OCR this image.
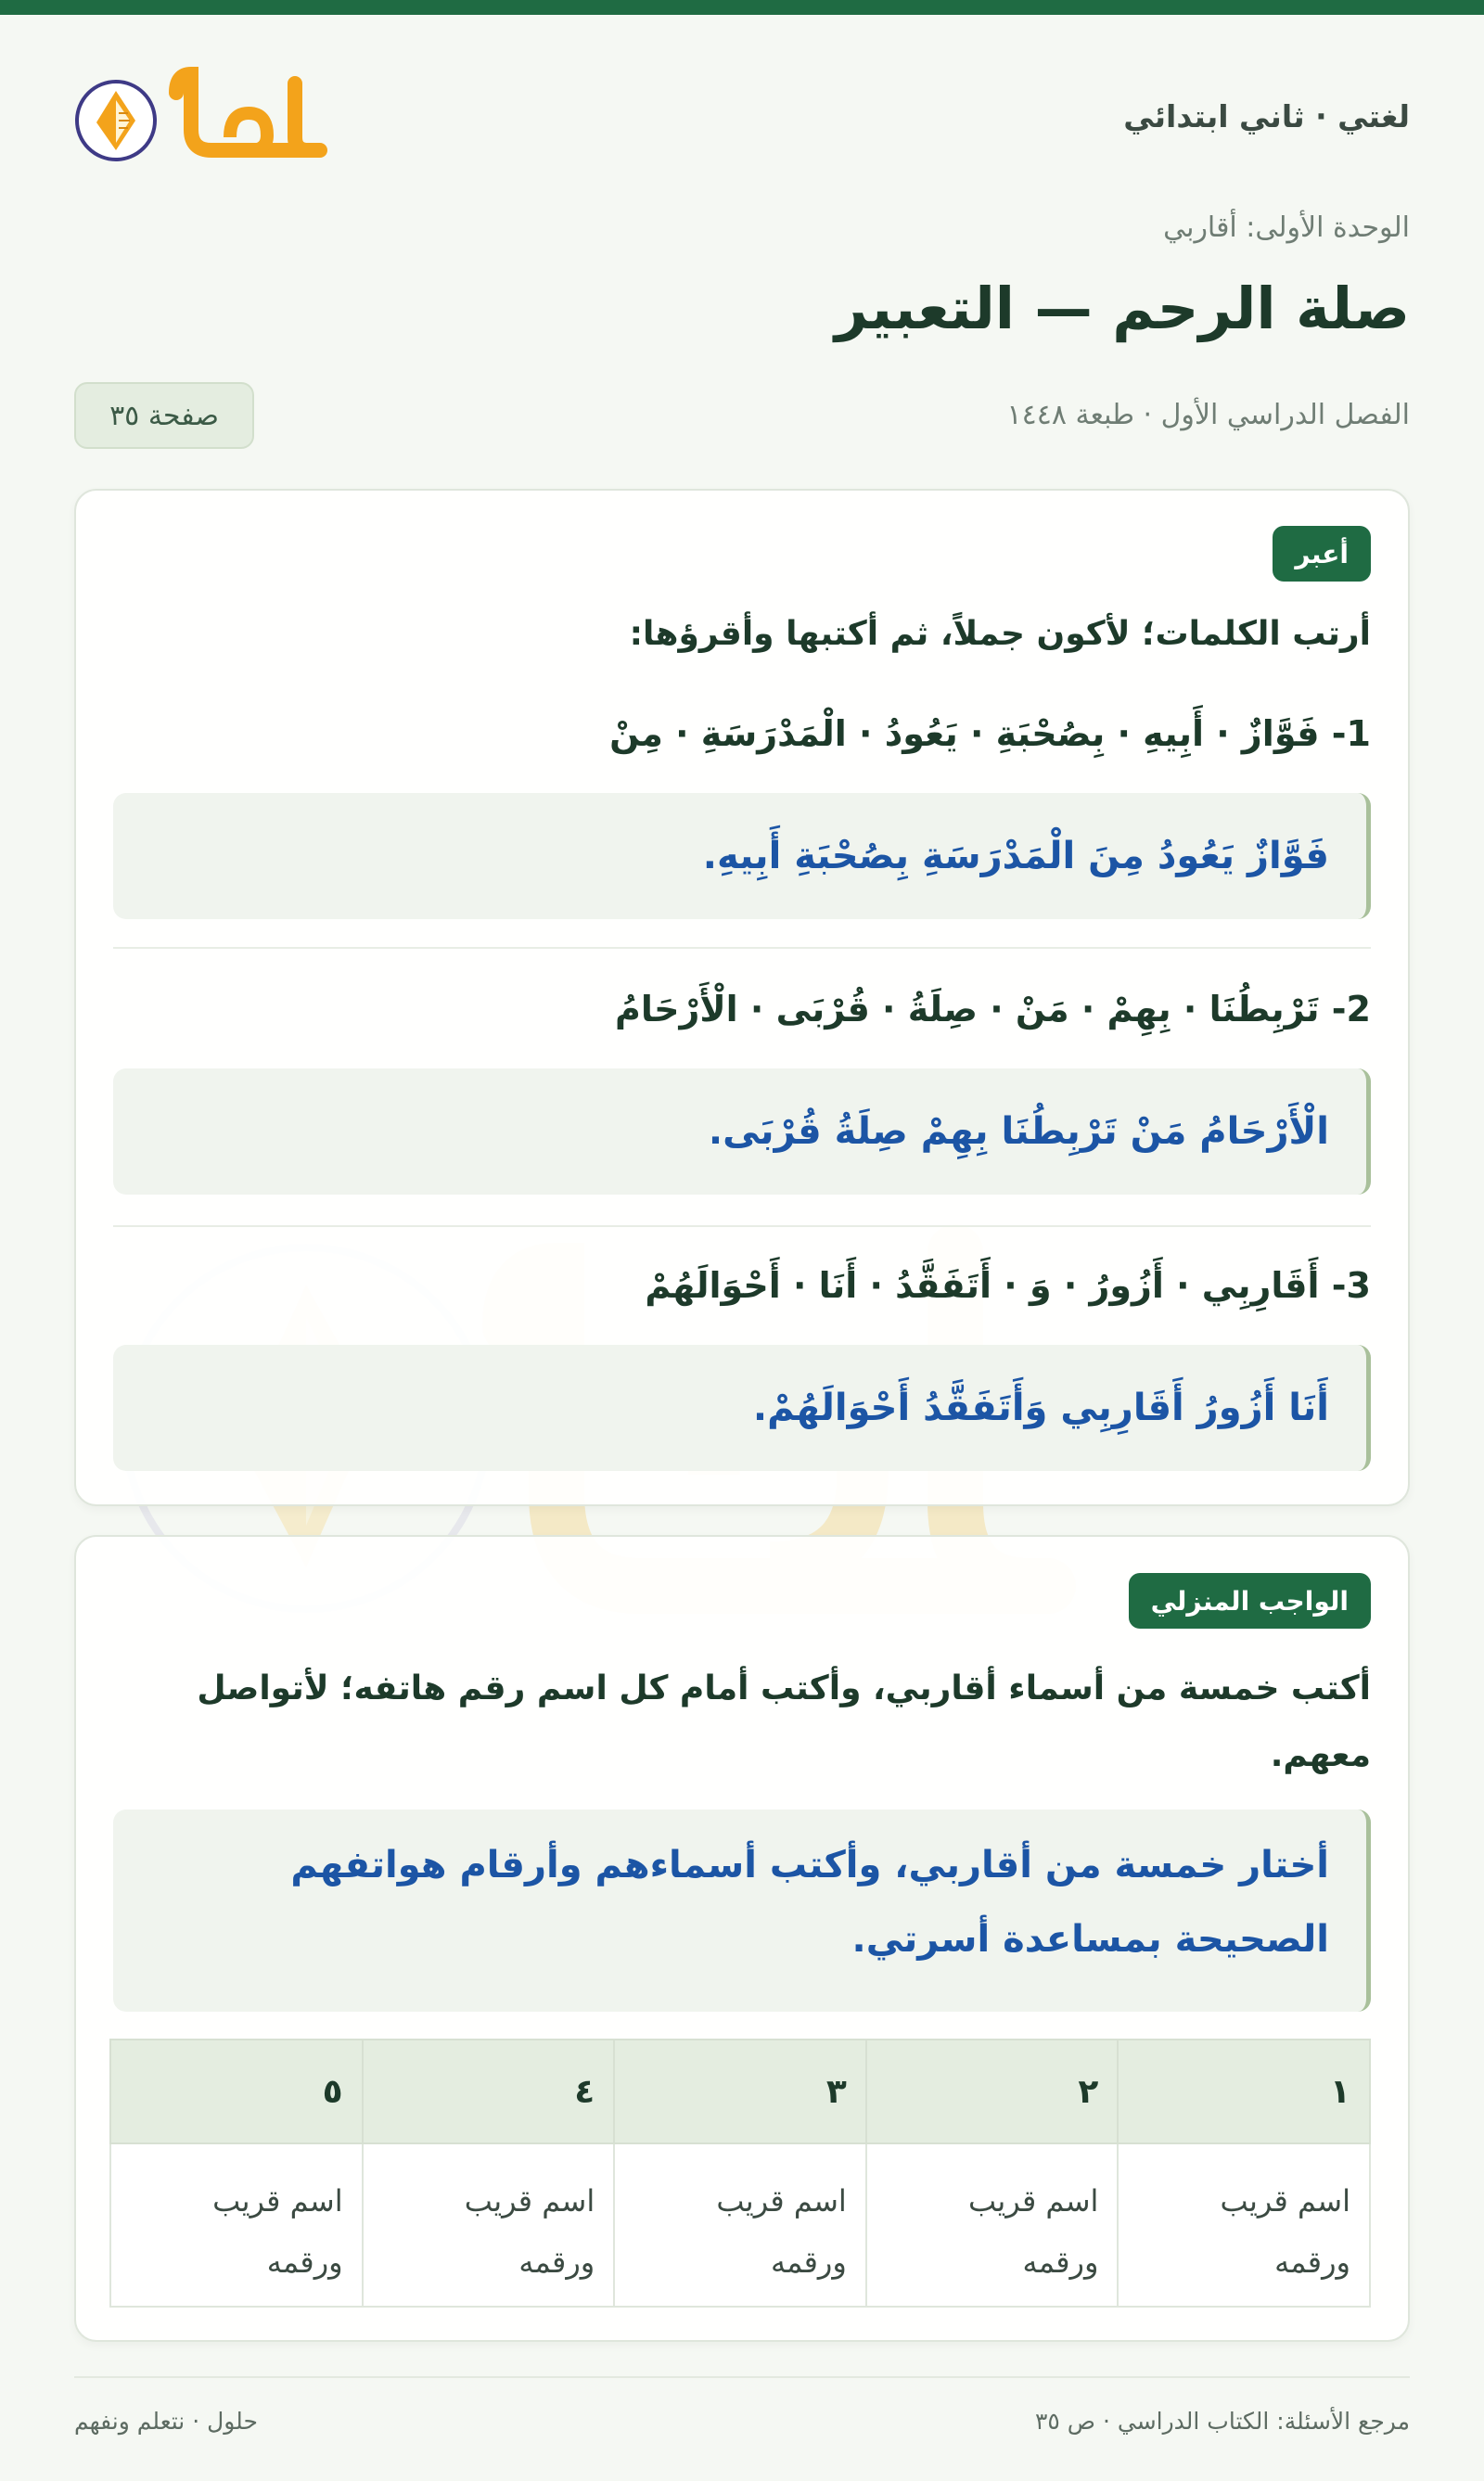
لغتي · ثاني ابتدائي
الوحدة الأولى: أقاربي
صلة الرحم — التعبير
الفصل الدراسي الأول · طبعة ١٤٤٨
صفحة ٣٥
أعبر
أرتب الكلمات؛ لأكون جملاً، ثم أكتبها وأقرؤها:
1- فَوَّازٌ · أَبِيهِ · بِصُحْبَةِ · يَعُودُ · الْمَدْرَسَةِ · مِنْ
فَوَّازٌ يَعُودُ مِنَ الْمَدْرَسَةِ بِصُحْبَةِ أَبِيهِ.
2- تَرْبِطُنَا · بِهِمْ · مَنْ · صِلَةُ · قُرْبَى · الْأَرْحَامُ
الْأَرْحَامُ مَنْ تَرْبِطُنَا بِهِمْ صِلَةُ قُرْبَى.
3- أَقَارِبِي · أَزُورُ · وَ · أَتَفَقَّدُ · أَنَا · أَحْوَالَهُمْ
أَنَا أَزُورُ أَقَارِبِي وَأَتَفَقَّدُ أَحْوَالَهُمْ.
الواجب المنزلي
أكتب خمسة من أسماء أقاربي، وأكتب أمام كل اسم رقم هاتفه؛ لأتواصل معهم.
أختار خمسة من أقاربي، وأكتب أسماءهم وأرقام هواتفهم الصحيحة بمساعدة أسرتي.
١	٢	٣	٤	٥
اسم قريب ورقمه	اسم قريب ورقمه	اسم قريب ورقمه	اسم قريب ورقمه	اسم قريب ورقمه
مرجع الأسئلة: الكتاب الدراسي · ص ٣٥
حلول · نتعلم ونفهم
